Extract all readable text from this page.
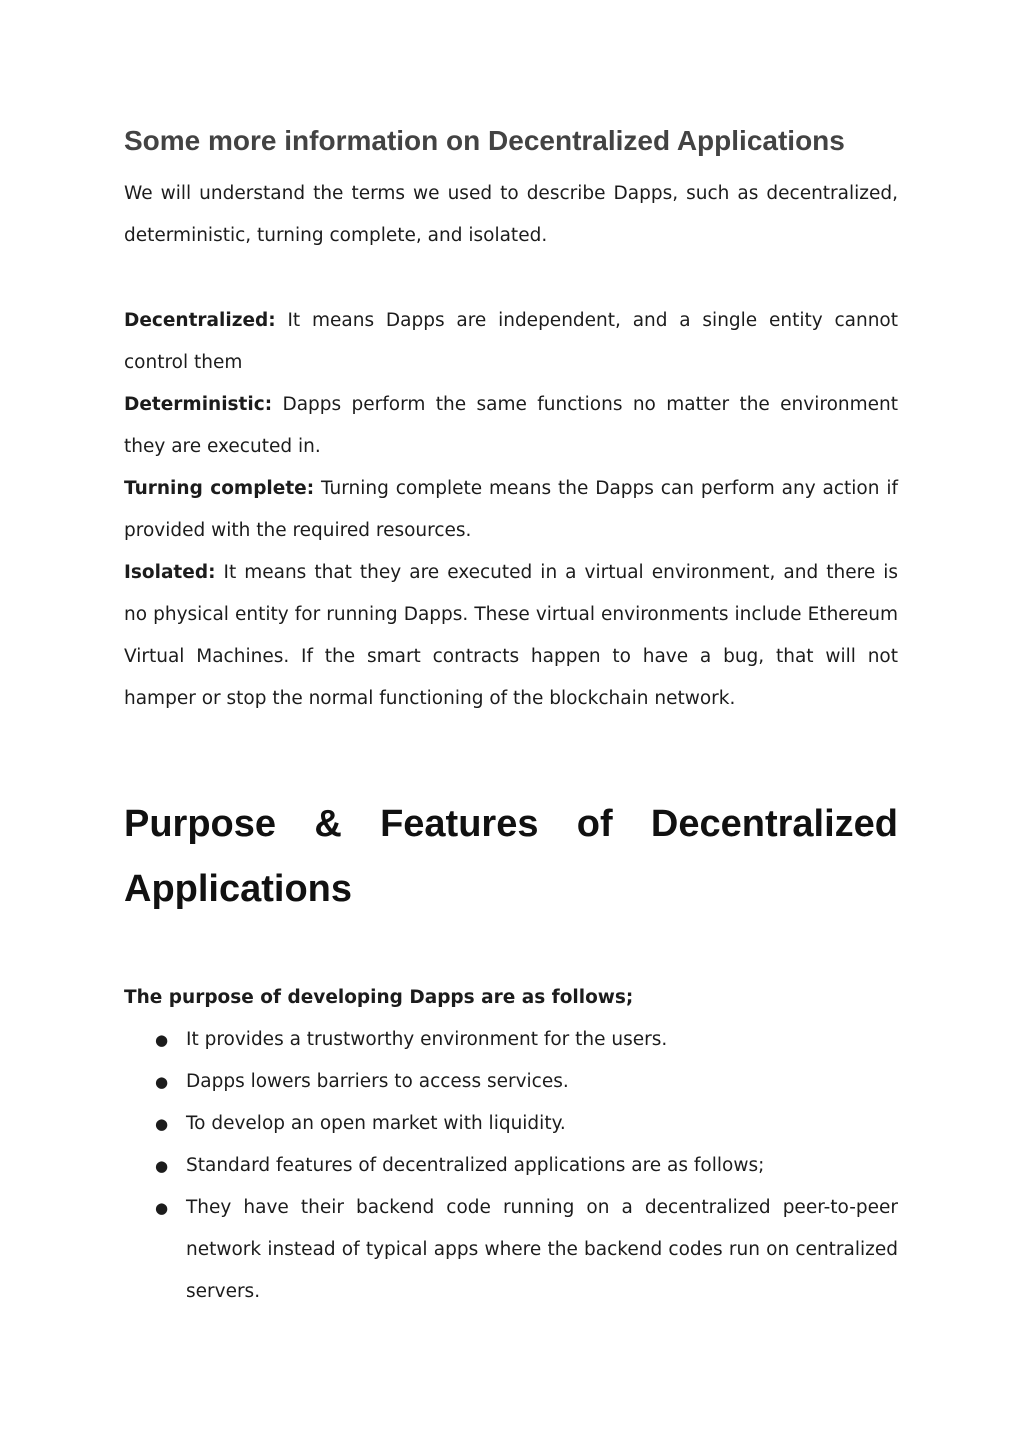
Some more information on Decentralized Applications

We will understand the terms we used to describe Dapps, such as decentralized, deterministic, turning complete, and isolated.

Decentralized: It means Dapps are independent, and a single entity cannot control them

Deterministic: Dapps perform the same functions no matter the environment they are executed in.

Turning complete: Turning complete means the Dapps can perform any action if provided with the required resources.

Isolated: It means that they are executed in a virtual environment, and there is no physical entity for running Dapps. These virtual environments include Ethereum Virtual Machines. If the smart contracts happen to have a bug, that will not hamper or stop the normal functioning of the blockchain network.

Purpose & Features of Decentralized
Applications

The purpose of developing Dapps are as follows;

● It provides a trustworthy environment for the users.
● Dapps lowers barriers to access services.
● To develop an open market with liquidity.
● Standard features of decentralized applications are as follows;
● They have their backend code running on a decentralized peer-to-peer network instead of typical apps where the backend codes run on centralized servers.
